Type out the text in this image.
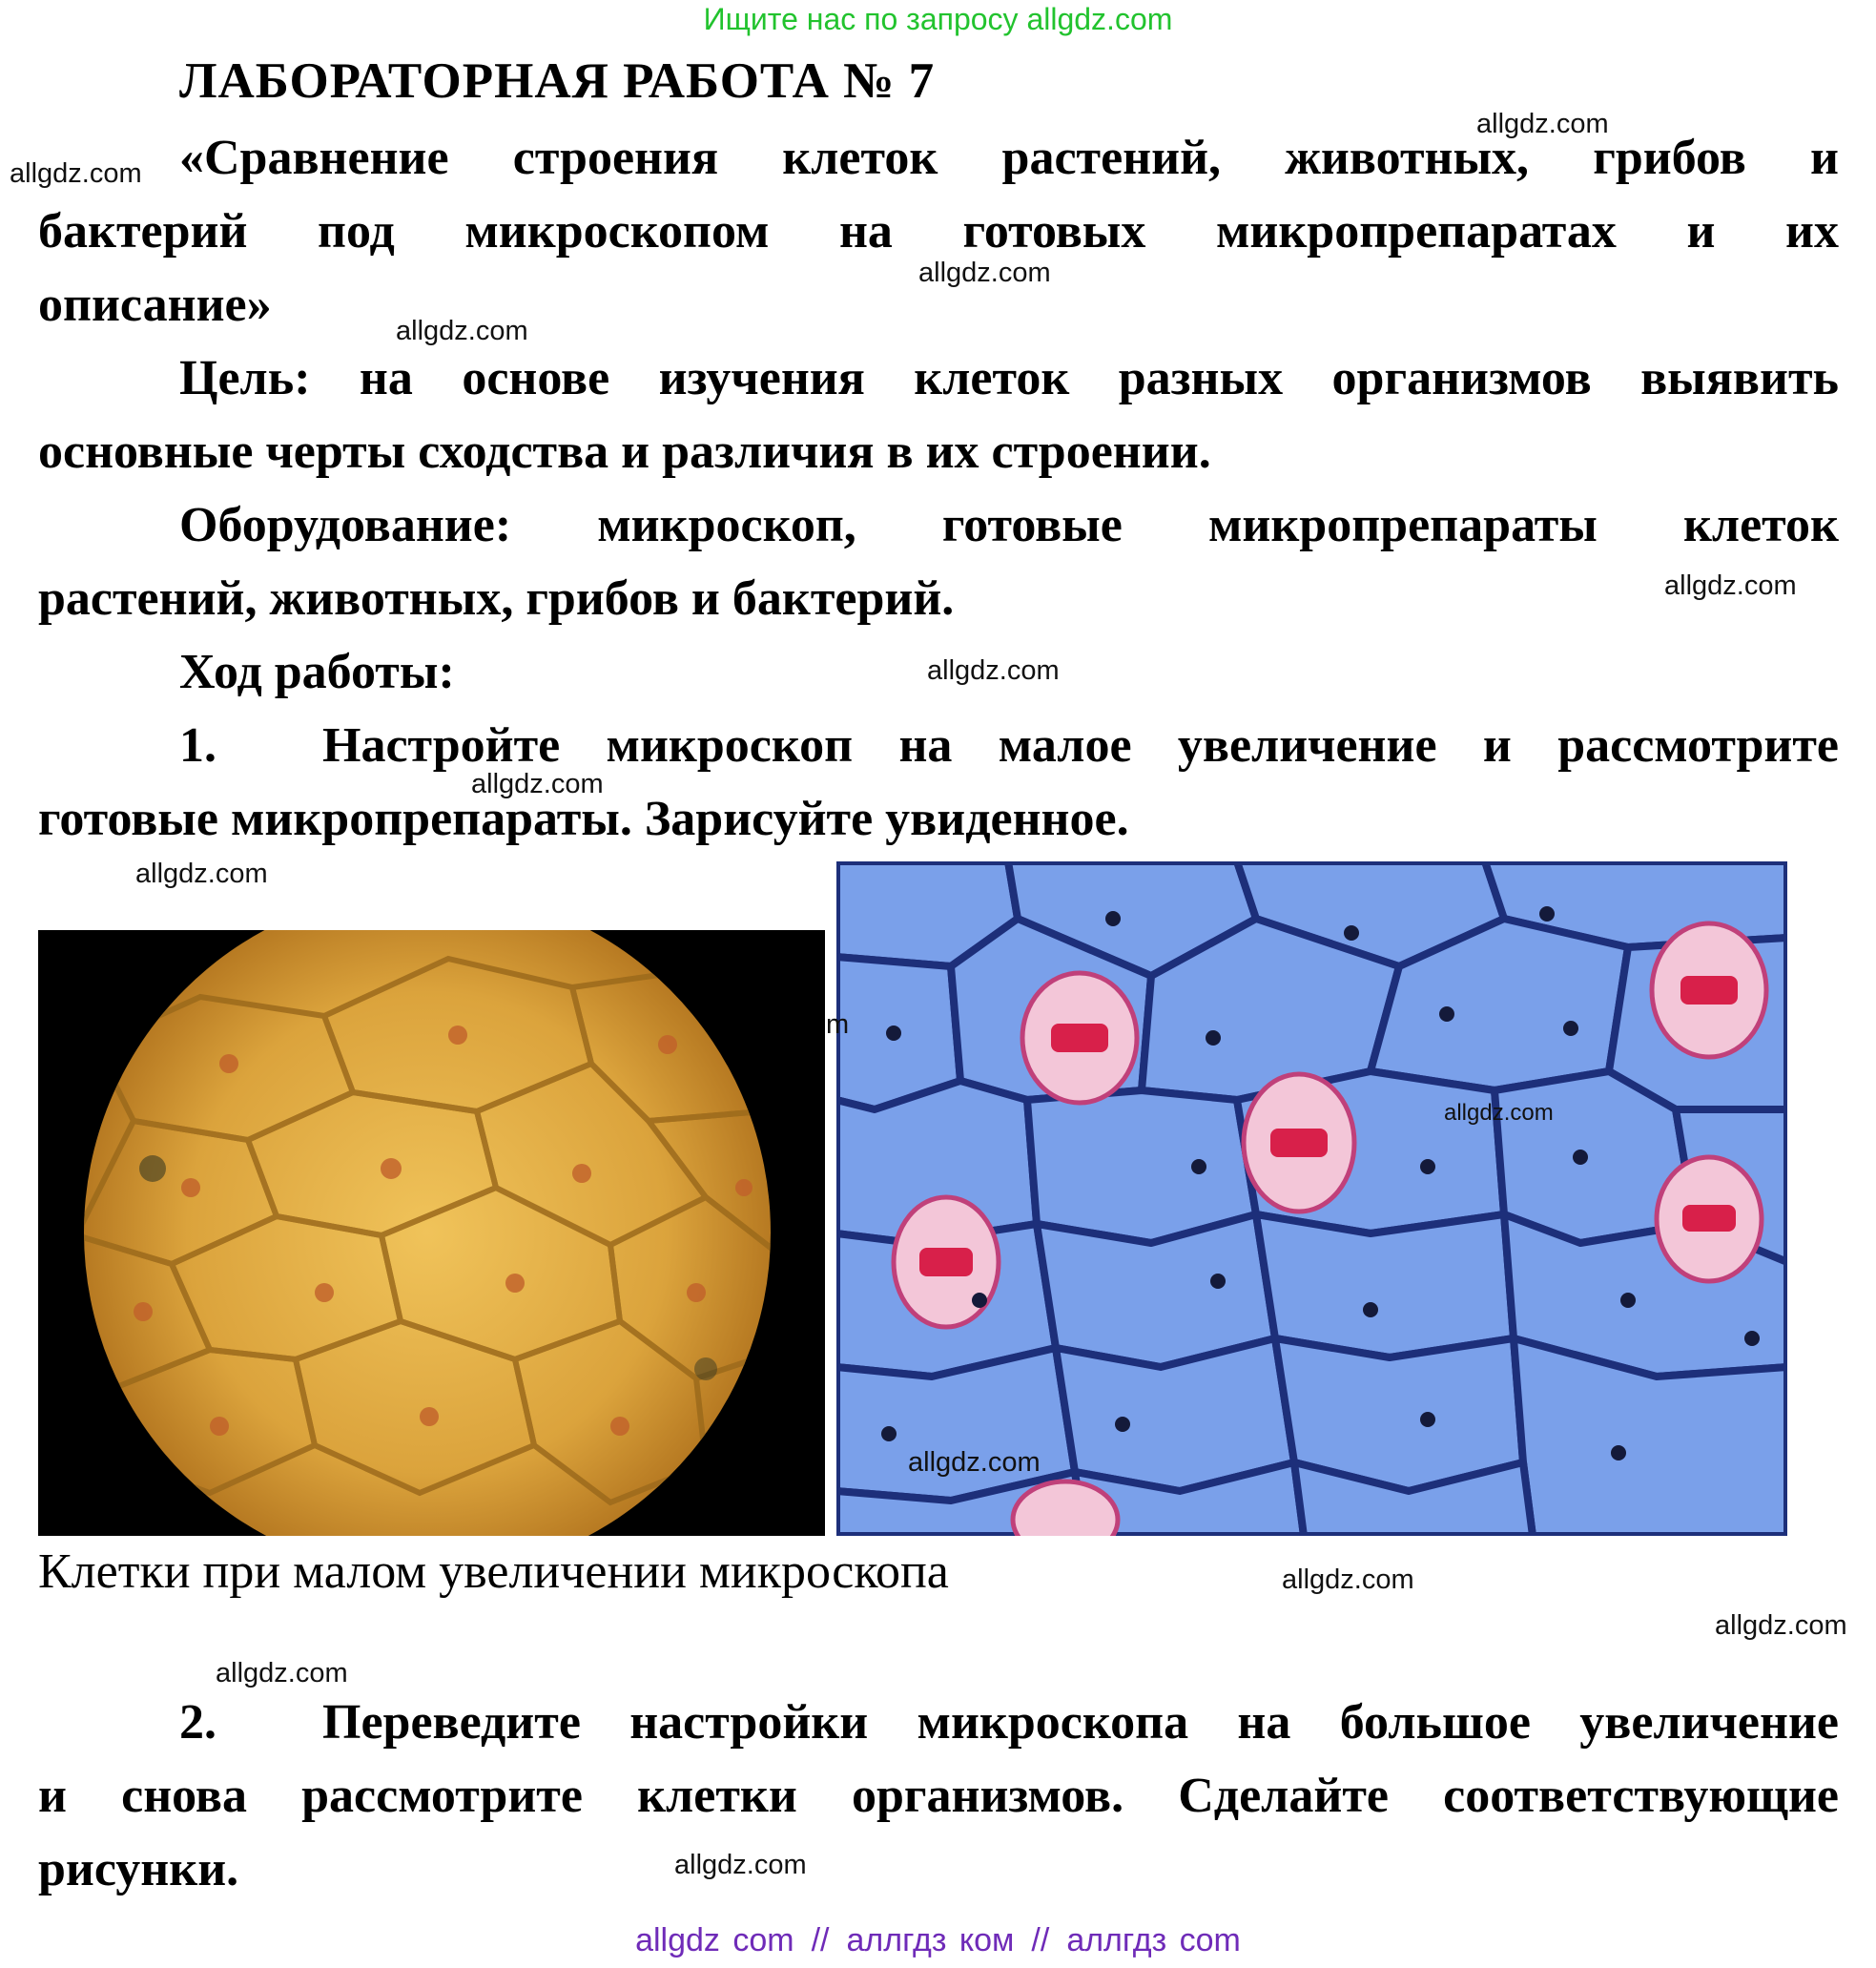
Ищите нас по запросу allgdz.com
ЛАБОРАТОРНАЯ РАБОТА № 7
«Сравнение строения клеток растений, животных, грибов и
бактерий под микроскопом на готовых микропрепаратах и их
описание»
Цель: на основе изучения клеток разных организмов выявить
основные черты сходства и различия в их строении.
Оборудование: микроскоп, готовые микропрепараты клеток
растений, животных, грибов и бактерий.
Ход работы:
1. Настройте микроскоп на малое увеличение и рассмотрите
готовые микропрепараты. Зарисуйте увиденное.
Клетки при малом увеличении микроскопа
2. Переведите настройки микроскопа на большое увеличение
и снова рассмотрите клетки организмов. Сделайте соответствующие
рисунки.
allgdz.com
allgdz.com
allgdz.com
allgdz.com
allgdz.com
allgdz.com
allgdz.com
allgdz.com
m
allgdz.com
allgdz.com
allgdz.com
allgdz.com
allgdz.com
allgdz.com
allgdz com // аллгдз ком // аллгдз com
